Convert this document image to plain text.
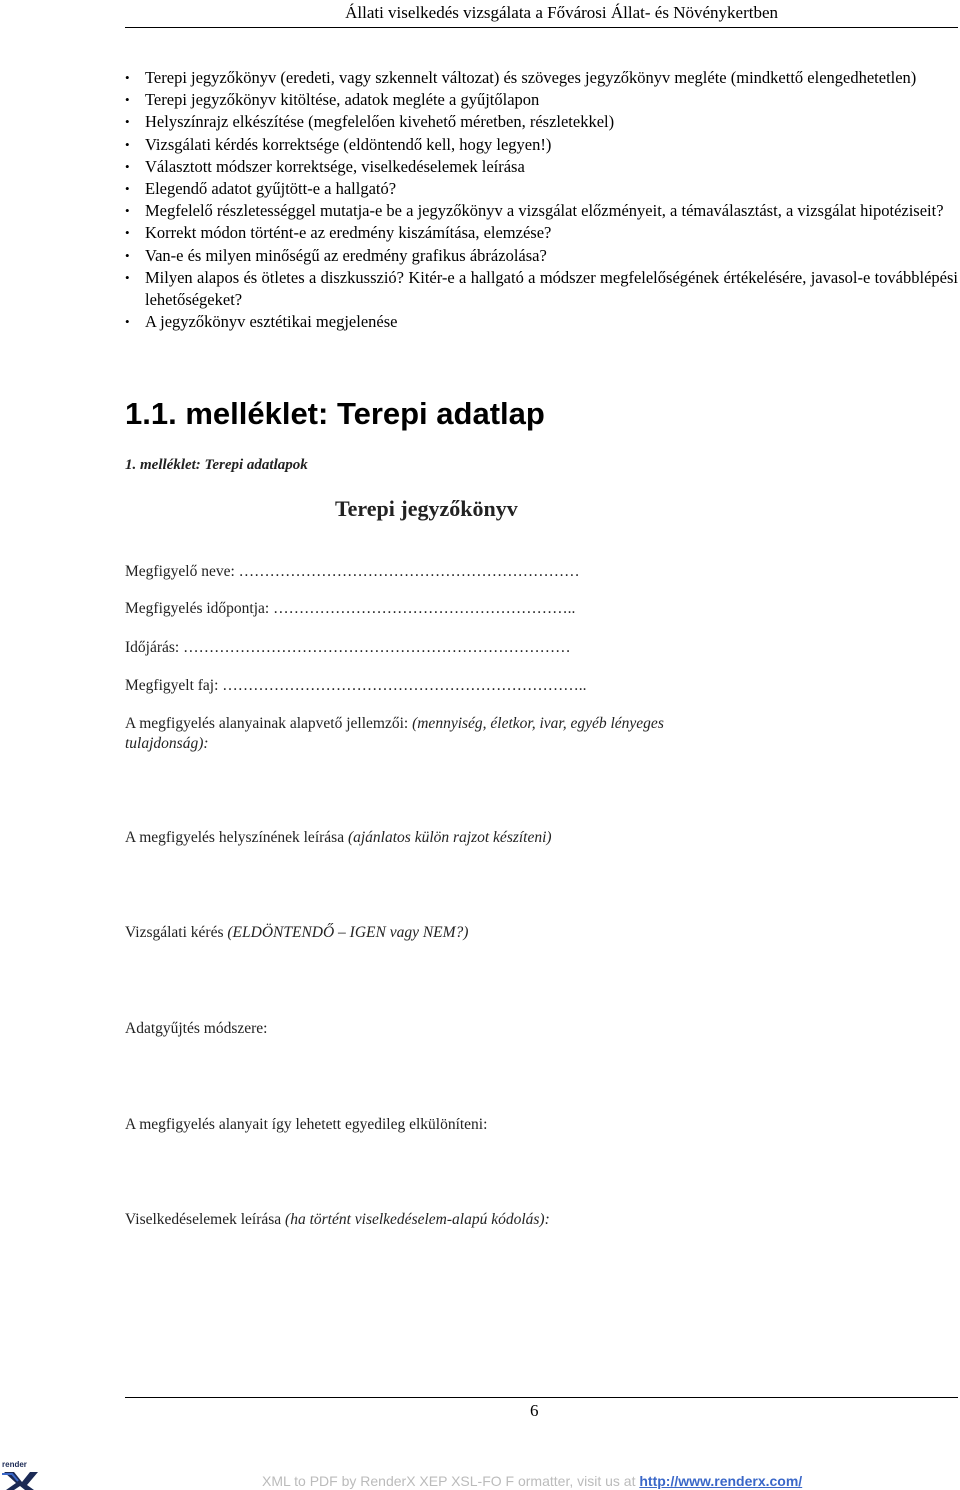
Állati viselkedés vizsgálata a Fővárosi Állat- és Növénykertben
• Terepi jegyzőkönyv (eredeti, vagy szkennelt változat) és szöveges jegyzőkönyv megléte (mindkettő elengedhetetlen)
• Terepi jegyzőkönyv kitöltése, adatok megléte a gyűjtőlapon
• Helyszínrajz elkészítése (megfelelően kivehető méretben, részletekkel)
• Vizsgálati kérdés korrektsége (eldöntendő kell, hogy legyen!)
• Választott módszer korrektsége, viselkedéselemek leírása
• Elegendő adatot gyűjtött-e a hallgató?
• Megfelelő részletességgel mutatja-e be a jegyzőkönyv a vizsgálat előzményeit, a témaválasztást, a vizsgálat hipotéziseit?
• Korrekt módon történt-e az eredmény kiszámítása, elemzése?
• Van-e és milyen minőségű az eredmény grafikus ábrázolása?
• Milyen alapos és ötletes a diszkusszió? Kitér-e a hallgató a módszer megfelelőségének értékelésére, javasol-e továbblépési lehetőségeket?
• A jegyzőkönyv esztétikai megjelenése
1.1. melléklet: Terepi adatlap
1. melléklet: Terepi adatlapok
Terepi jegyzőkönyv
Megfigyelő neve: …………………………………………………………
Megfigyelés időpontja: …………………………………………………..
Időjárás: …………………………………………………………………
Megfigyelt faj: ……………………………………………………………..
A megfigyelés alanyainak alapvető jellemzői: (mennyiség, életkor, ivar, egyéb lényeges tulajdonság):
A megfigyelés helyszínének leírása (ajánlatos külön rajzot készíteni)
Vizsgálati kérés (ELDÖNTENDŐ – IGEN vagy NEM?)
Adatgyűjtés módszere:
A megfigyelés alanyait így lehetett egyedileg elkülöníteni:
Viselkedéselemek leírása (ha történt viselkedéselem-alapú kódolás):
6
render
XML to PDF by RenderX XEP XSL-FO F ormatter, visit us at http://www.renderx.com/
